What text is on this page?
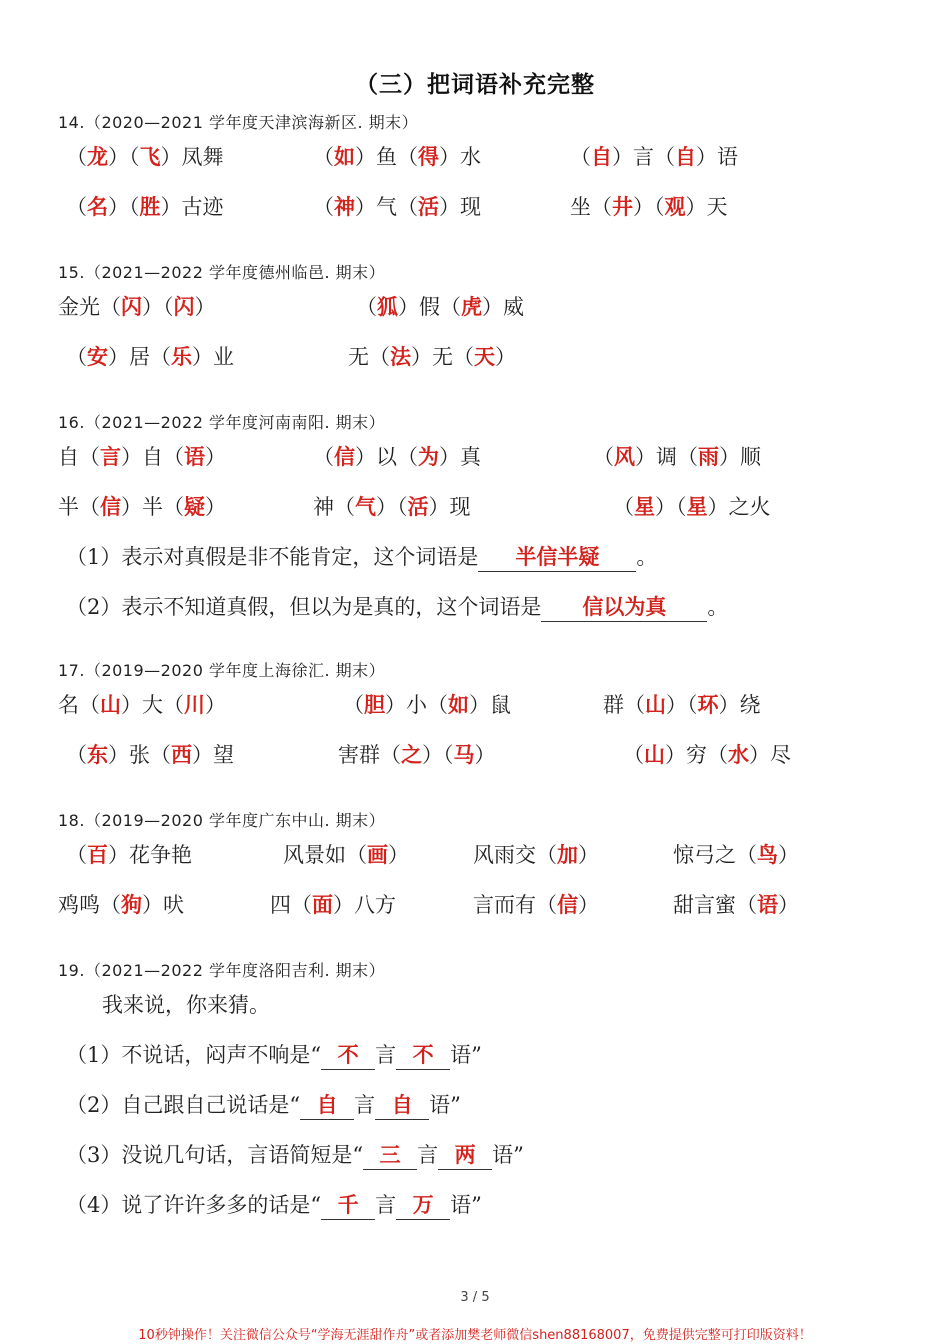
（三）把词语补充完整
14.（2020—2021 学年度天津滨海新区. 期末）
（龙）（飞）凤舞	（如）鱼（得）水	（自）言（自）语
（名）（胜）古迹	（神）气（活）现	坐（井）（观）天
15.（2021—2022 学年度德州临邑. 期末）
金光（闪）（闪）	（狐）假（虎）威
（安）居（乐）业	无（法）无（天）
16.（2021—2022 学年度河南南阳. 期末）
自（言）自（语）	（信）以（为）真	（风）调（雨）顺
半（信）半（疑）	神（气）（活）现	（星）（星）之火
（1）表示对真假是非不能肯定，这个词语是 半信半疑 。
（2）表示不知道真假，但以为是真的，这个词语是 信以为真 。
17.（2019—2020 学年度上海徐汇. 期末）
名（山）大（川）	（胆）小（如）鼠	群（山）（环）绕
（东）张（西）望	害群（之）（马）	（山）穷（水）尽
18.（2019—2020 学年度广东中山. 期末）
（百）花争艳	风景如（画）	风雨交（加）	惊弓之（鸟）
鸡鸣（狗）吠	四（面）八方	言而有（信）	甜言蜜（语）
19.（2021—2022 学年度洛阳吉利. 期末）
我来说，你来猜。
（1）不说话，闷声不响是“ 不 言 不 语”
（2）自己跟自己说话是“ 自 言 自 语”
（3）没说几句话，言语简短是“ 三 言 两 语”
（4）说了许许多多的话是“ 千 言 万 语”
3 / 5
10秒钟操作！关注微信公众号“学海无涯甜作舟”或者添加樊老师微信shen88168007，免费提供完整可打印版资料！
